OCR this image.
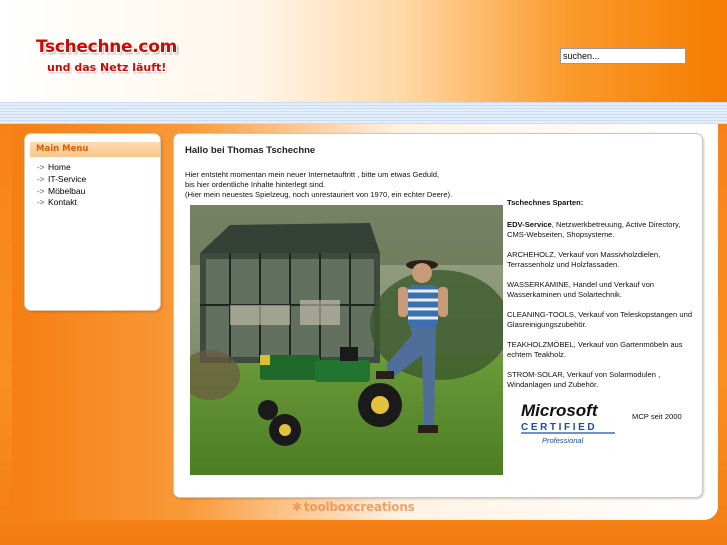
Tschechne.com
und das Netz läuft!
suchen...
Main Menu
-> Home
-> IT-Service
-> Möbelbau
-> Kontakt
Hallo bei Thomas Tschechne
Hier entsteht momentan mein neuer Internetauftritt , bitte um etwas Geduld,
bis hier ordentliche Inhalte hinterlegt sind.
(Hier mein neuestes Spielzeug, noch unrestauriert von 1970, ein echter Deere).

Tschechnes Sparten:

EDV-Service, Netzwerkbetreuung, Active Directory, CMS-Webseiten, Shopsysteme.

ARCHEHOLZ, Verkauf von Massivholzdielen, Terrassenholz und Holzfassaden.

WASSERKAMINE, Handel und Verkauf von Wasserkaminen und Solartechnik.

CLEANING-TOOLS, Verkauf von Teleskopstangen und Glasreinigungszubehör.

TEAKHOLZMÖBEL, Verkauf von Gartenmöbeln aus echtem Teakholz.

STROM-SOLAR, Verkauf von Solarmodulen , Windanlagen und Zubehör.

Microsoft
CERTIFIED
Professional
MCP seit 2000
✱ toolboxcreations
